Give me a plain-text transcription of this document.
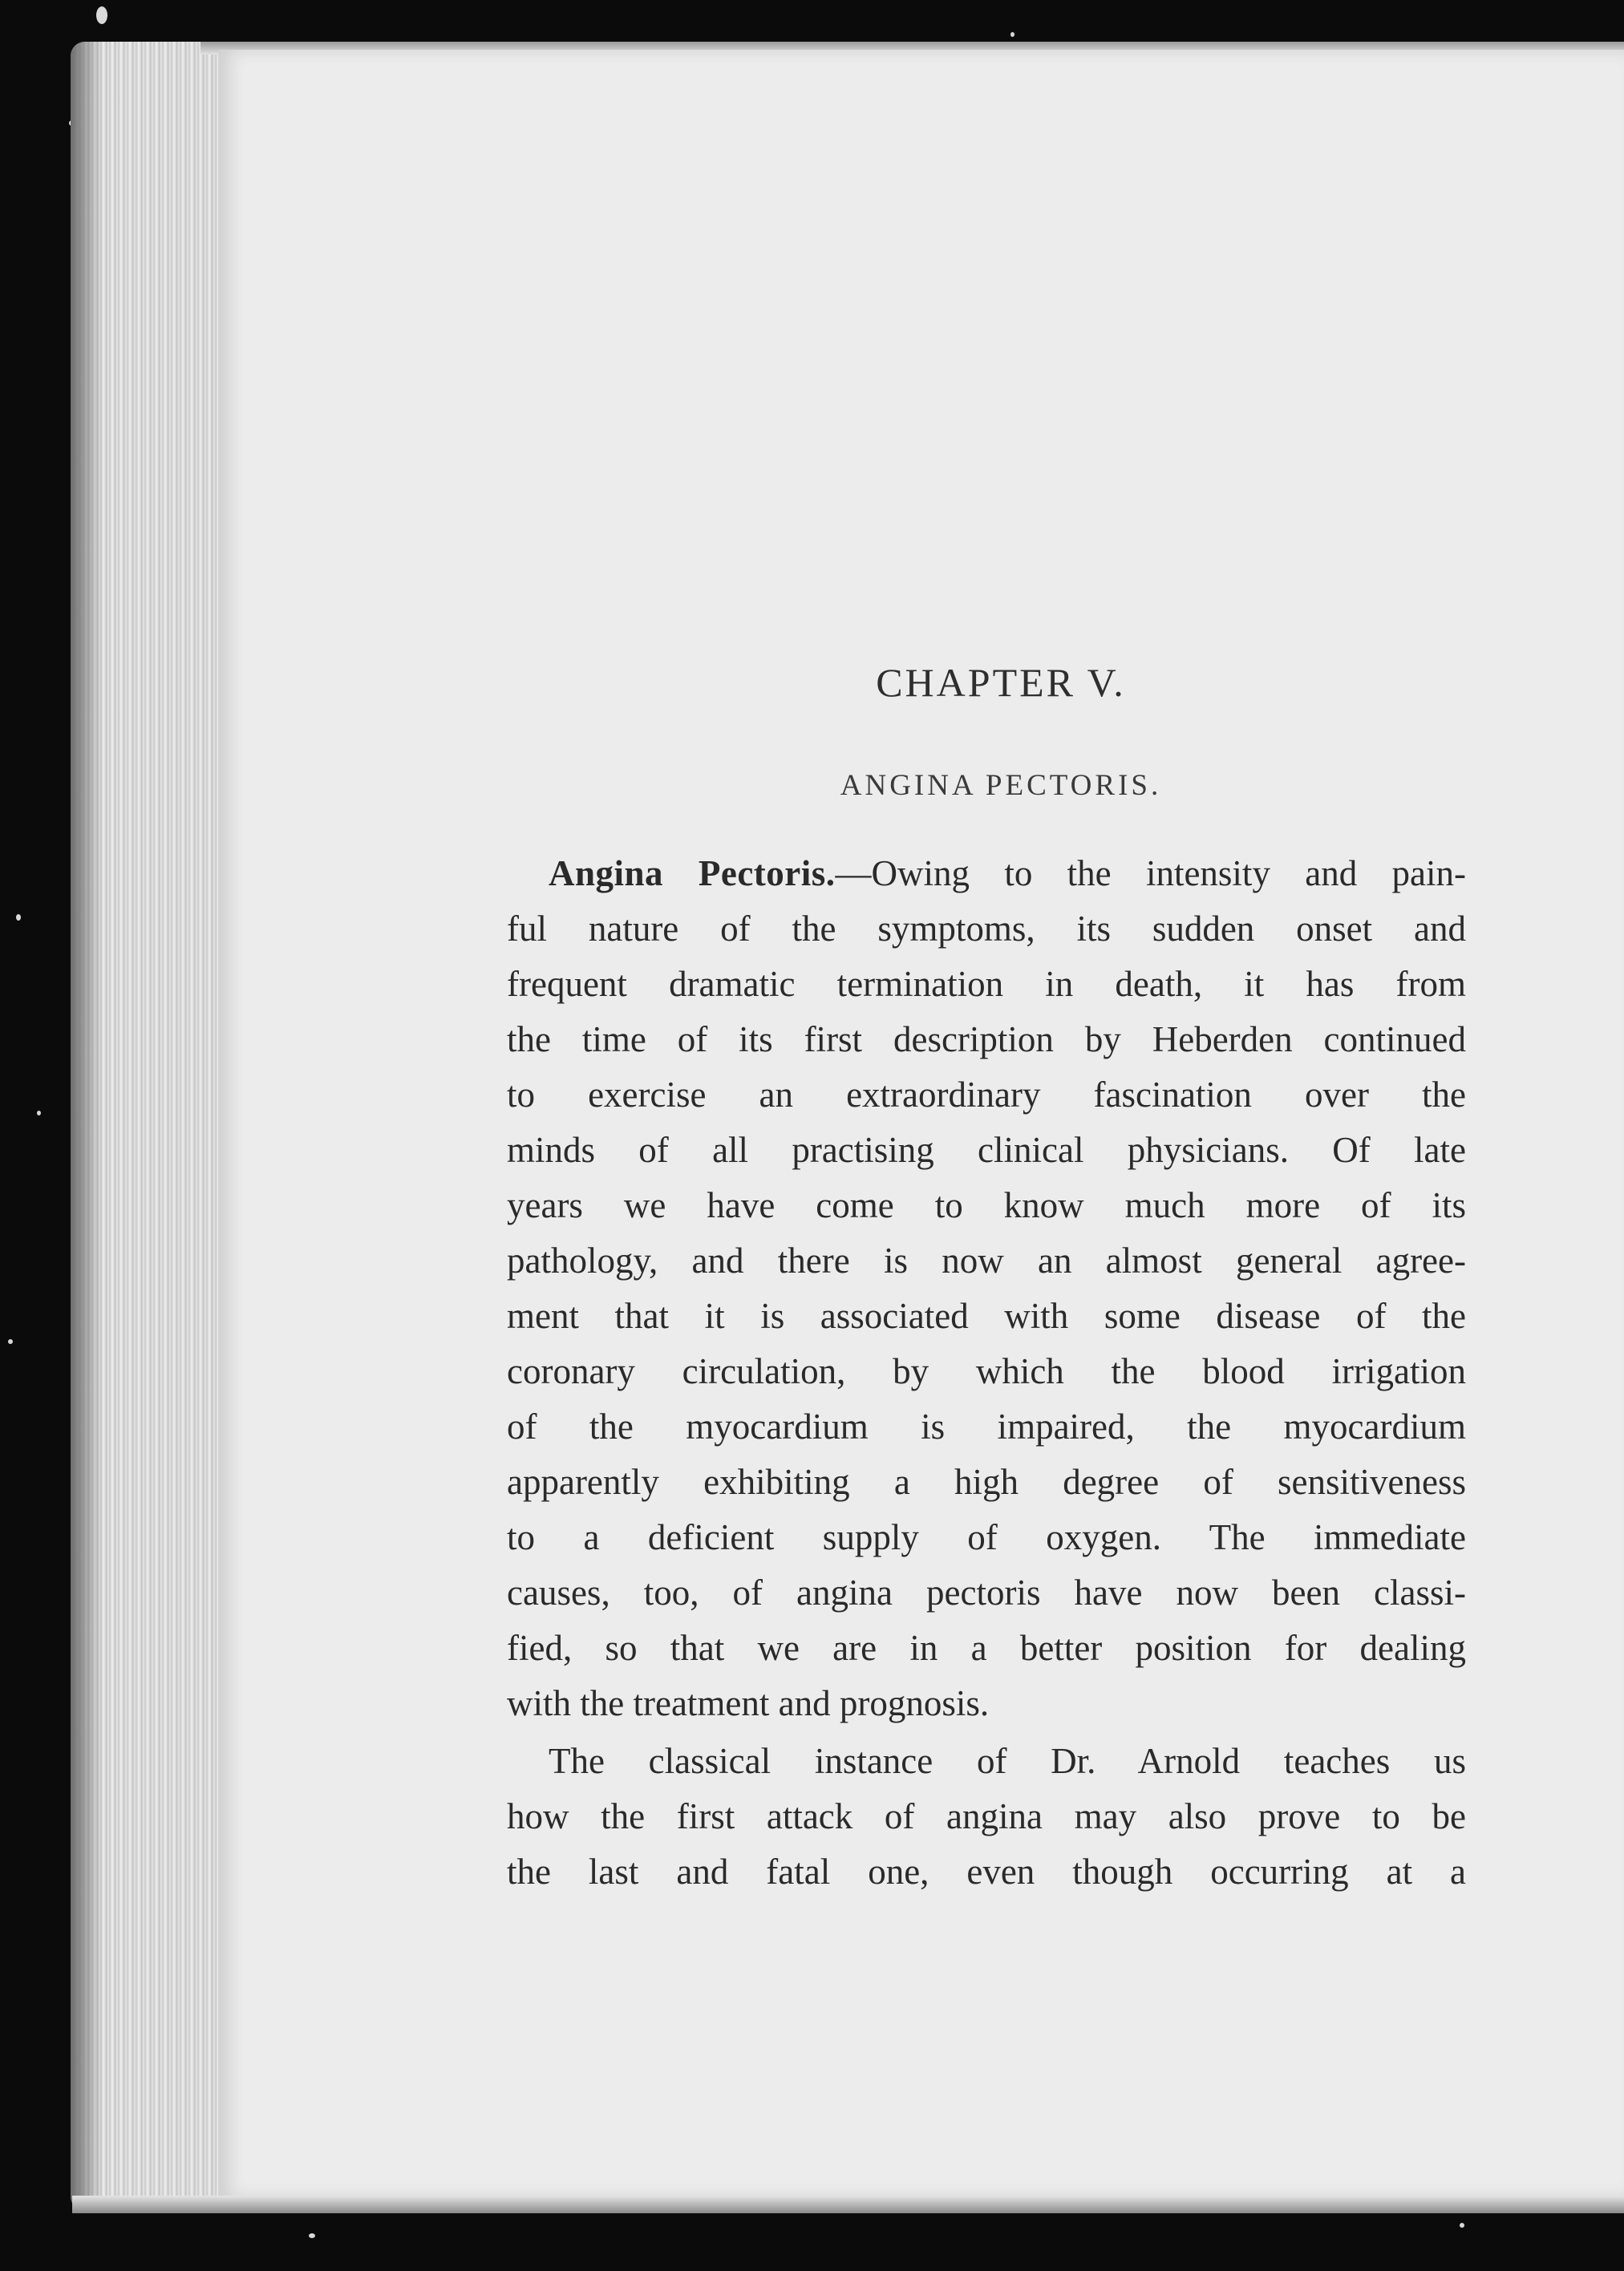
CHAPTER V.
ANGINA PECTORIS.
Angina Pectoris.—Owing to the intensity and pain-
ful nature of the symptoms, its sudden onset and
frequent dramatic termination in death, it has from
the time of its first description by Heberden continued
to exercise an extraordinary fascination over the
minds of all practising clinical physicians. Of late
years we have come to know much more of its
pathology, and there is now an almost general agree-
ment that it is associated with some disease of the
coronary circulation, by which the blood irrigation
of the myocardium is impaired, the myocardium
apparently exhibiting a high degree of sensitiveness
to a deficient supply of oxygen. The immediate
causes, too, of angina pectoris have now been classi-
fied, so that we are in a better position for dealing
with the treatment and prognosis.
The classical instance of Dr. Arnold teaches us
how the first attack of angina may also prove to be
the last and fatal one, even though occurring at a
